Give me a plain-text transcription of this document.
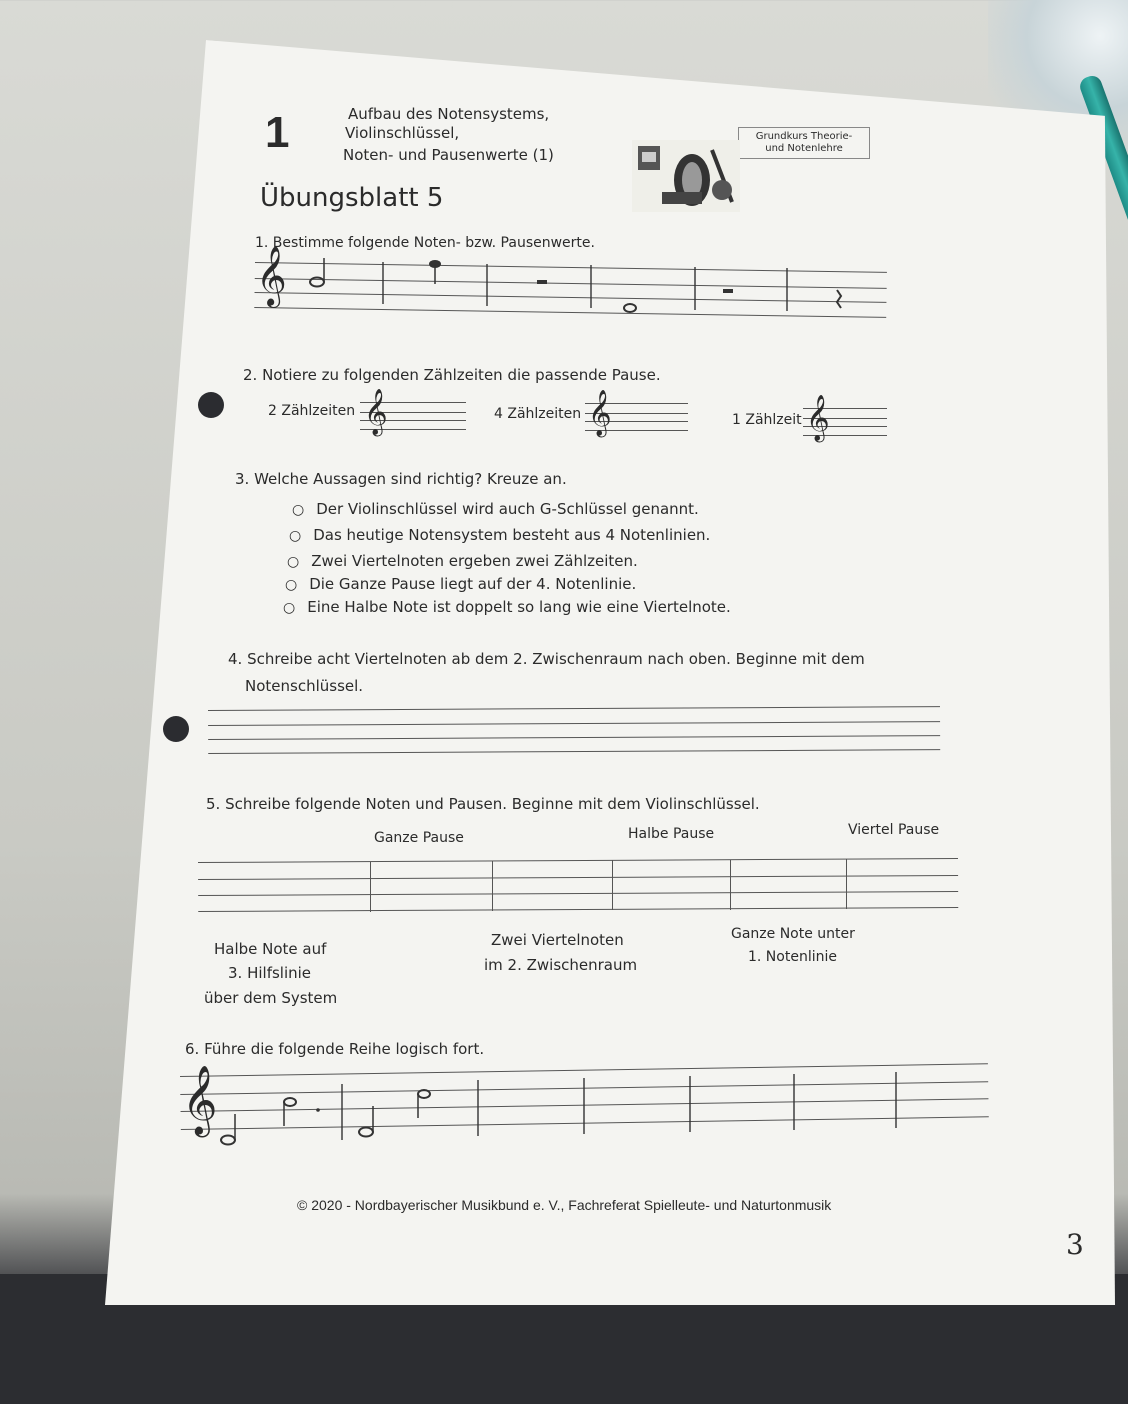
1	Aufbau des Notensystems,
Violinschlüssel,
Noten- und Pausenwerte (1)
Grundkurs Theorie-
und Notenlehre
Übungsblatt 5
1. Bestimme folgende Noten- bzw. Pausenwerte.
𝄞
2. Notiere zu folgenden Zählzeiten die passende Pause.
2 Zählzeiten 𝄞	4 Zählzeiten 𝄞	1 Zählzeit 𝄞
3. Welche Aussagen sind richtig? Kreuze an.
○ Der Violinschlüssel wird auch G-Schlüssel genannt.
○ Das heutige Notensystem besteht aus 4 Notenlinien.
○ Zwei Viertelnoten ergeben zwei Zählzeiten.
○ Die Ganze Pause liegt auf der 4. Notenlinie.
○ Eine Halbe Note ist doppelt so lang wie eine Viertelnote.
4. Schreibe acht Viertelnoten ab dem 2. Zwischenraum nach oben. Beginne mit dem
Notenschlüssel.
5. Schreibe folgende Noten und Pausen. Beginne mit dem Violinschlüssel.
Ganze Pause	Halbe Pause	Viertel Pause
Halbe Note auf
3. Hilfslinie
über dem System
Zwei Viertelnoten
im 2. Zwischenraum
Ganze Note unter
1. Notenlinie
6. Führe die folgende Reihe logisch fort.
𝄞
© 2020 - Nordbayerischer Musikbund e. V., Fachreferat Spielleute- und Naturtonmusik
3
